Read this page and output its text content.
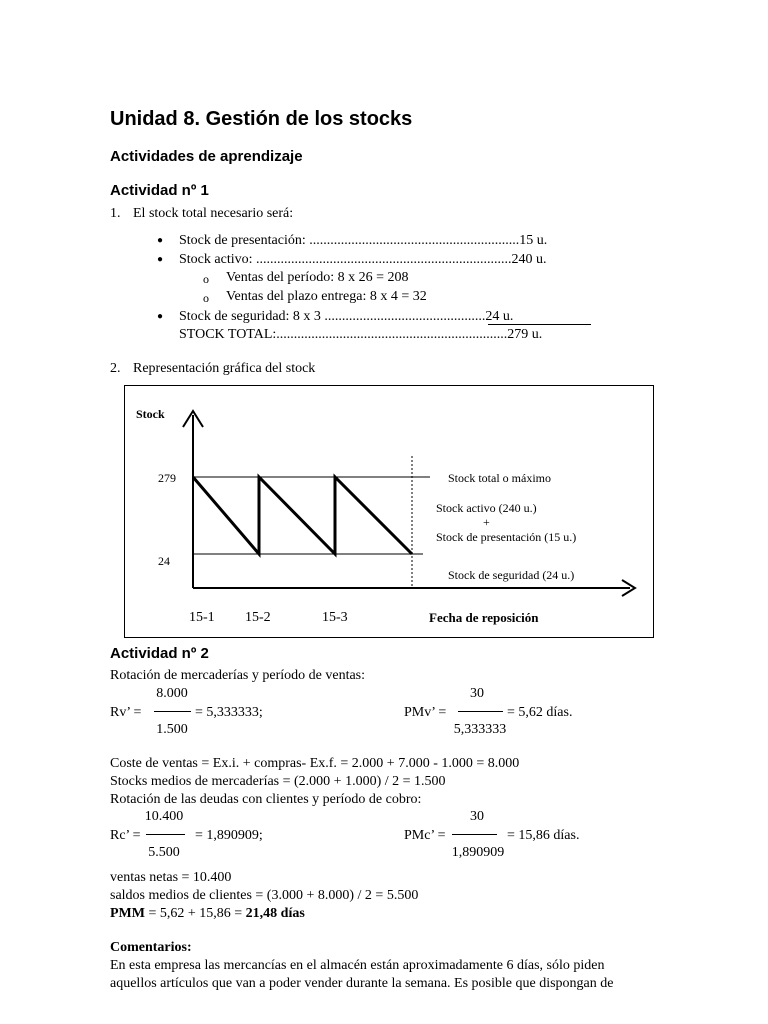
Unidad 8. Gestión de los stocks
Actividades de aprendizaje
Actividad nº 1
1. El stock total necesario será:
● Stock de presentación: ............................................................15 u.
● Stock activo: .........................................................................240 u.
o Ventas del período: 8 x 26 = 208
o Ventas del plazo entrega: 8 x 4 = 32
● Stock de seguridad: 8 x 3 ..............................................24 u.
STOCK TOTAL:..................................................................279 u.
2. Representación gráfica del stock
Stock
279
24
Stock total o máximo
Stock activo (240 u.)
+
Stock de presentación (15 u.)
Stock de seguridad (24 u.)
15-1 15-2	15-3	Fecha de reposición
Actividad nº 2
Rotación de mercaderías y período de ventas:
8.000
Rv’ =	= 5,333333;
1.500
30
PMv’ =	= 5,62 días.
5,333333
Coste de ventas = Ex.i. + compras- Ex.f. = 2.000 + 7.000 - 1.000 = 8.000
Stocks medios de mercaderías = (2.000 + 1.000) / 2 = 1.500
Rotación de las deudas con clientes y período de cobro:
10.400
Rc’ =	= 1,890909;
5.500
30
PMc’ =	= 15,86 días.
1,890909
ventas netas = 10.400
saldos medios de clientes = (3.000 + 8.000) / 2 = 5.500
PMM = 5,62 + 15,86 = 21,48 días
Comentarios:
En esta empresa las mercancías en el almacén están aproximadamente 6 días, sólo piden
aquellos artículos que van a poder vender durante la semana. Es posible que dispongan de
